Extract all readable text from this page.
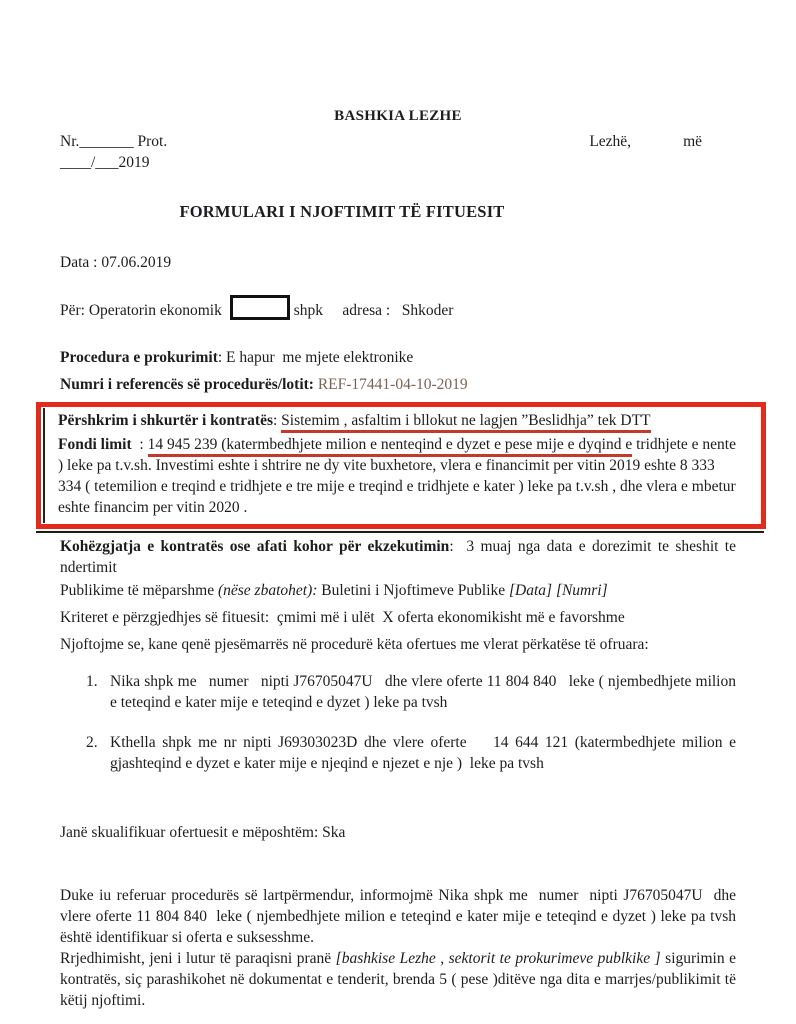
BASHKIA LEZHE

Nr._______ Prot.	Lezhë,	më

____/___2019

FORMULARI I NJOFTIMIT TË FITUESIT

Data : 07.06.2019

Për: Operatorin ekonomik	shpk     adresa :   Shkoder

Procedura e prokurimit: E hapur  me mjete elektronike

Numri i referencës së procedurës/lotit: REF-17441-04-10-2019

Përshkrim i shkurtër i kontratës: Sistemim , asfaltim i bllokut ne lagjen ”Beslidhja” tek DTT

Fondi limit  : 14 945 239 (katermbedhjete milion e nenteqind e dyzet e pese mije e dyqind e tridhjete e nente ) leke pa t.v.sh. Investimi eshte i shtrire ne dy vite buxhetore, vlera e financimit per vitin 2019 eshte 8 333 334 ( tetemilion e treqind e tridhjete e tre mije e treqind e tridhjete e kater ) leke pa t.v.sh , dhe vlera e mbetur eshte financim per vitin 2020 .

Kohëzgjatja e kontratës ose afati kohor për ekzekutimin:  3 muaj nga data e dorezimit te sheshit te ndertimit

Publikime të mëparshme (nëse zbatohet): Buletini i Njoftimeve Publike [Data] [Numri]

Kriteret e përzgjedhjes së fituesit:  çmimi më i ulët  X oferta ekonomikisht më e favorshme

Njoftojme se, kane qenë pjesëmarrës në procedurë këta ofertues me vlerat përkatëse të ofruara:

1. Nika shpk me   numer   nipti J76705047U   dhe vlere oferte 11 804 840   leke ( njembedhjete milion e teteqind e kater mije e teteqind e dyzet ) leke pa tvsh
2. Kthella shpk me nr nipti J69303023D dhe vlere oferte    14 644 121 (katermbedhjete milion e gjashteqind e dyzet e kater mije e njeqind e njezet e nje )  leke pa tvsh

Janë skualifikuar ofertuesit e mëposhtëm: Ska

Duke iu referuar procedurës së lartpërmendur, informojmë Nika shpk me  numer  nipti J76705047U  dhe vlere oferte 11 804 840  leke ( njembedhjete milion e teteqind e kater mije e teteqind e dyzet ) leke pa tvsh  është identifikuar si oferta e suksesshme.

Rrjedhimisht, jeni i lutur të paraqisni pranë [bashkise Lezhe , sektorit te prokurimeve publkike ] sigurimin e kontratës, siç parashikohet në dokumentat e tenderit, brenda 5 ( pese )ditëve nga dita e marrjes/publikimit të këtij njoftimi.
